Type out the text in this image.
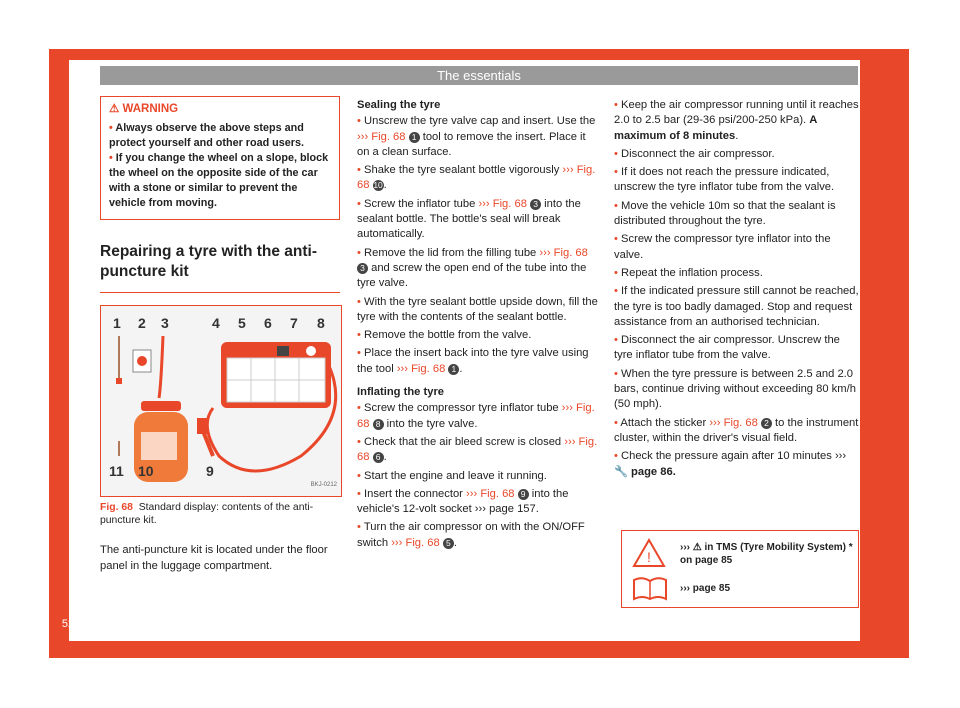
The essentials
52
⚠ WARNING

• Always observe the above steps and protect yourself and other road users.

• If you change the wheel on a slope, block the wheel on the opposite side of the car with a stone or similar to prevent the vehicle from moving.

Repairing a tyre with the anti-puncture kit
1 2 3	4 5 6 7 8
11 10	9
BKJ-0212
Fig. 68 Standard display: contents of the anti-puncture kit.

The anti-puncture kit is located under the floor panel in the luggage compartment.

Sealing the tyre

• Unscrew the tyre valve cap and insert. Use the ››› Fig. 68 1 tool to remove the insert. Place it on a clean surface.

• Shake the tyre sealant bottle vigorously ››› Fig. 68 10.

• Screw the inflator tube ››› Fig. 68 3 into the sealant bottle. The bottle's seal will break automatically.

• Remove the lid from the filling tube ››› Fig. 68 3 and screw the open end of the tube into the tyre valve.

• With the tyre sealant bottle upside down, fill the tyre with the contents of the sealant bottle.

• Remove the bottle from the valve.

• Place the insert back into the tyre valve using the tool ››› Fig. 68 1 .

Inflating the tyre

• Screw the compressor tyre inflator tube ››› Fig. 68 8 into the tyre valve.

• Check that the air bleed screw is closed ››› Fig. 68 6 .

• Start the engine and leave it running.

• Insert the connector ››› Fig. 68 9 into the vehicle's 12-volt socket ››› page 157.

• Turn the air compressor on with the ON/OFF switch ››› Fig. 68 5 .

• Keep the air compressor running until it reaches 2.0 to 2.5 bar (29-36 psi/200-250 kPa). A maximum of 8 minutes.

• Disconnect the air compressor.

• If it does not reach the pressure indicated, unscrew the tyre inflator tube from the valve.

• Move the vehicle 10m so that the sealant is distributed throughout the tyre.

• Screw the compressor tyre inflator into the valve.

• Repeat the inflation process.

• If the indicated pressure still cannot be reached, the tyre is too badly damaged. Stop and request assistance from an authorised technician.

• Disconnect the air compressor. Unscrew the tyre inflator tube from the valve.

• When the tyre pressure is between 2.5 and 2.0 bars, continue driving without exceeding 80 km/h (50 mph).

• Attach the sticker ››› Fig. 68 2 to the instrument cluster, within the driver's visual field.

• Check the pressure again after 10 minutes ››› 🔧 page 86.

!
››› ⚠ in TMS (Tyre Mobility System) * on page 85
››› page 85
